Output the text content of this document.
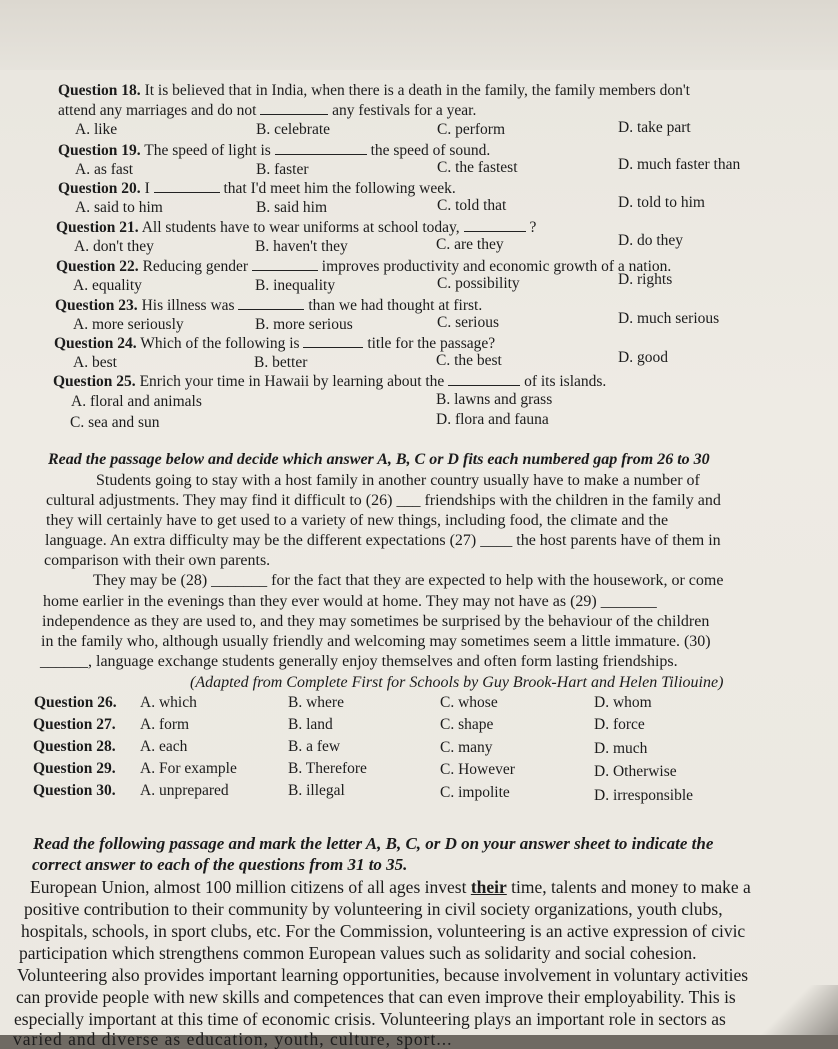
Question 18. It is believed that in India, when there is a death in the family, the family members don't
attend any marriages and do not	any festivals for a year.
A. like	B. celebrate	C. perform	D. take part
Question 19. The speed of light is	the speed of sound.
A. as fast	B. faster	C. the fastest	D. much faster than
Question 20. I	that I'd meet him the following week.
A. said to him	B. said him	C. told that	D. told to him
Question 21. All students have to wear uniforms at school today,	?
A. don't they	B. haven't they	C. are they	D. do they
Question 22. Reducing gender	improves productivity and economic growth of a nation.
A. equality	B. inequality	C. possibility	D. rights
Question 23. His illness was	than we had thought at first.
A. more seriously	B. more serious	C. serious	D. much serious
Question 24. Which of the following is	title for the passage?
A. best	B. better	C. the best	D. good
Question 25. Enrich your time in Hawaii by learning about the	of its islands.
A. floral and animals	B. lawns and grass
C. sea and sun	D. flora and fauna
Read the passage below and decide which answer A, B, C or D fits each numbered gap from 26 to 30
Students going to stay with a host family in another country usually have to make a number of
cultural adjustments. They may find it difficult to (26) ___ friendships with the children in the family and
they will certainly have to get used to a variety of new things, including food, the climate and the
language. An extra difficulty may be the different expectations (27) ____ the host parents have of them in
comparison with their own parents.
They may be (28) _______ for the fact that they are expected to help with the housework, or come
home earlier in the evenings than they ever would at home. They may not have as (29) _______
independence as they are used to, and they may sometimes be surprised by the behaviour of the children
in the family who, although usually friendly and welcoming may sometimes seem a little immature. (30)
______, language exchange students generally enjoy themselves and often form lasting friendships.
(Adapted from Complete First for Schools by Guy Brook-Hart and Helen Tiliouine)
Question 26. A. which	B. where	C. whose	D. whom
Question 27. A. form	B. land	C. shape	D. force
Question 28. A. each	B. a few	C. many	D. much
Question 29. A. For example	B. Therefore	C. However	D. Otherwise
Question 30. A. unprepared	B. illegal	C. impolite	D. irresponsible
Read the following passage and mark the letter A, B, C, or D on your answer sheet to indicate the
correct answer to each of the questions from 31 to 35.
European Union, almost 100 million citizens of all ages invest their time, talents and money to make a
positive contribution to their community by volunteering in civil society organizations, youth clubs,
hospitals, schools, in sport clubs, etc. For the Commission, volunteering is an active expression of civic
participation which strengthens common European values such as solidarity and social cohesion.
Volunteering also provides important learning opportunities, because involvement in voluntary activities
can provide people with new skills and competences that can even improve their employability. This is
especially important at this time of economic crisis. Volunteering plays an important role in sectors as
varied and diverse as education, youth, culture, sport...
